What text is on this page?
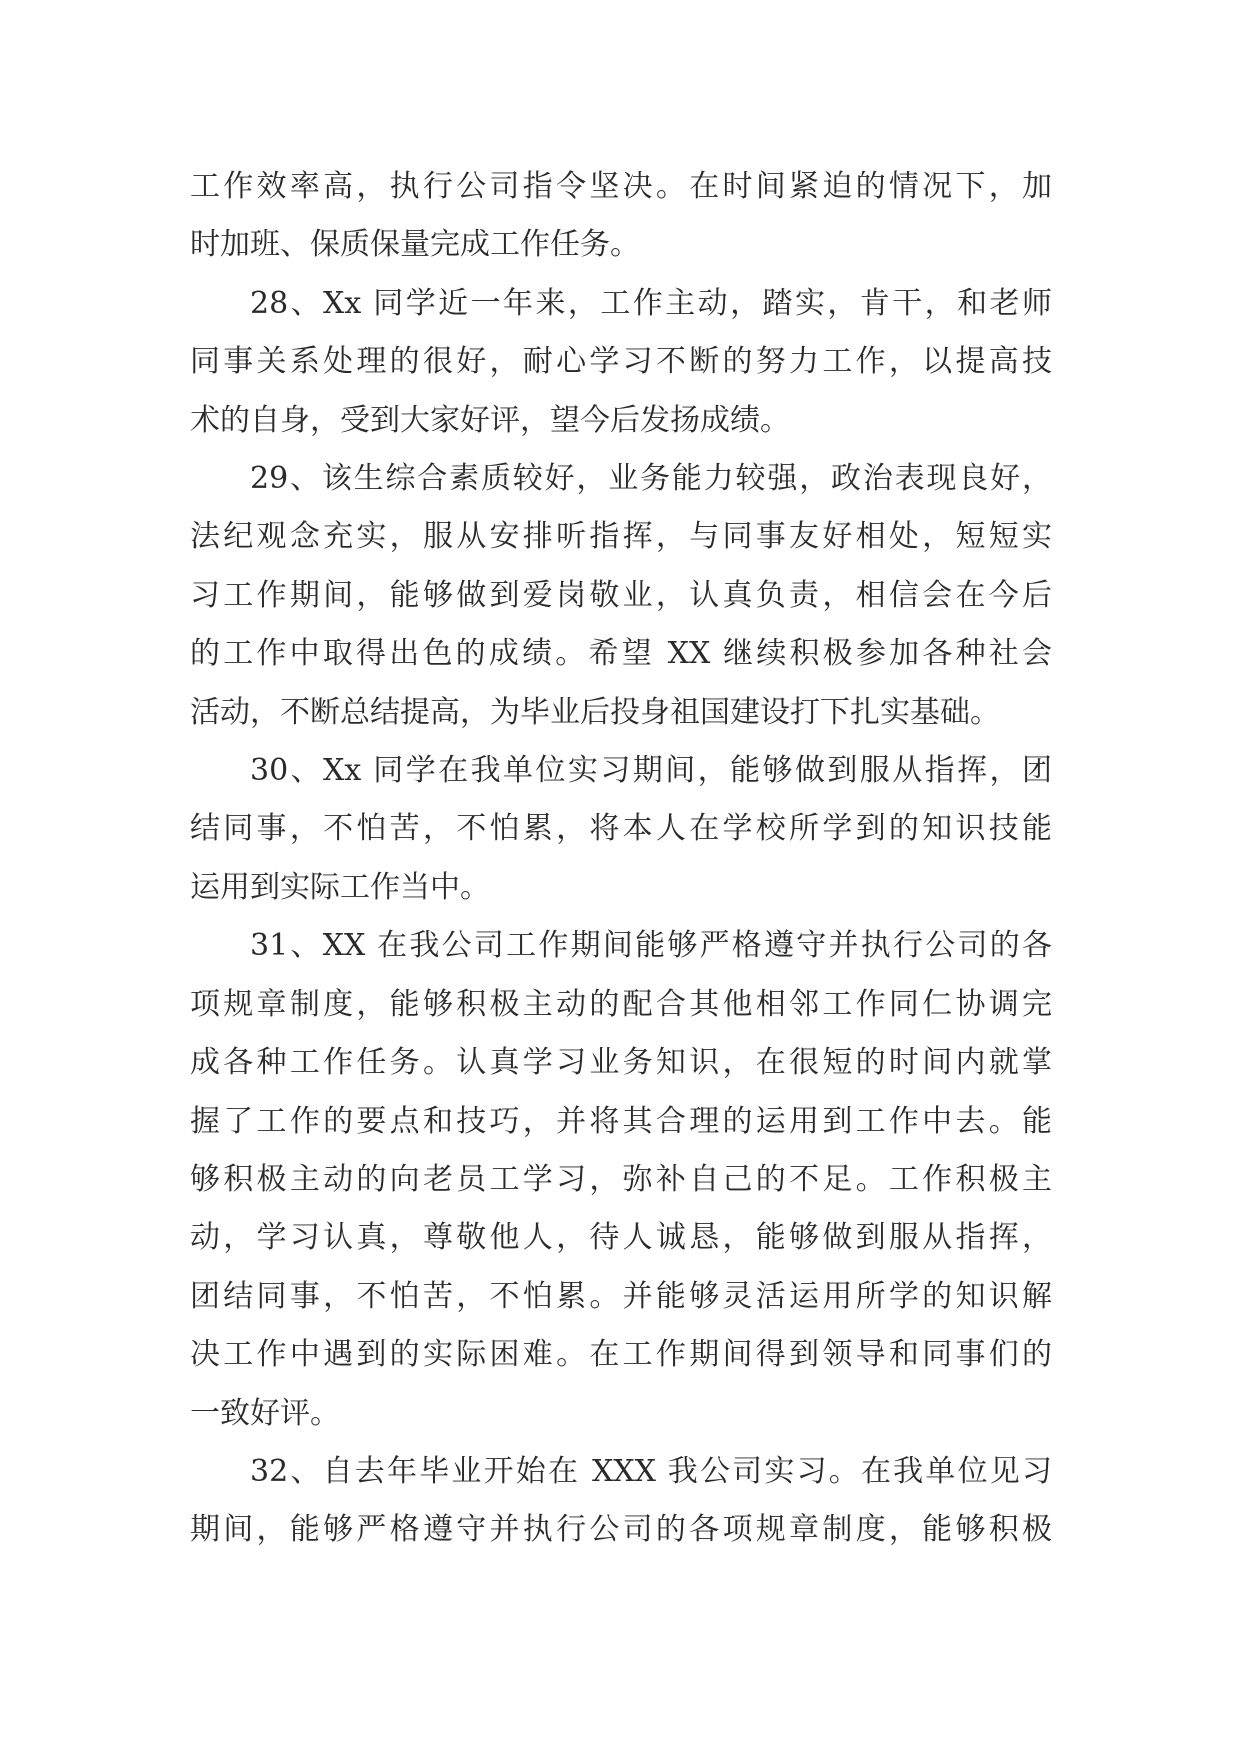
工作效率高，执行公司指令坚决。在时间紧迫的情况下，加
时加班、保质保量完成工作任务。

28、Xx 同学近一年来，工作主动，踏实，肯干，和老师
同事关系处理的很好，耐心学习不断的努力工作，以提高技
术的自身，受到大家好评，望今后发扬成绩。

29、该生综合素质较好，业务能力较强，政治表现良好，
法纪观念充实，服从安排听指挥，与同事友好相处，短短实
习工作期间，能够做到爱岗敬业，认真负责，相信会在今后
的工作中取得出色的成绩。希望 XX 继续积极参加各种社会
活动，不断总结提高，为毕业后投身祖国建设打下扎实基础。

30、Xx 同学在我单位实习期间，能够做到服从指挥，团
结同事，不怕苦，不怕累，将本人在学校所学到的知识技能
运用到实际工作当中。

31、XX 在我公司工作期间能够严格遵守并执行公司的各
项规章制度，能够积极主动的配合其他相邻工作同仁协调完
成各种工作任务。认真学习业务知识，在很短的时间内就掌
握了工作的要点和技巧，并将其合理的运用到工作中去。能
够积极主动的向老员工学习，弥补自己的不足。工作积极主
动，学习认真，尊敬他人，待人诚恳，能够做到服从指挥，
团结同事，不怕苦，不怕累。并能够灵活运用所学的知识解
决工作中遇到的实际困难。在工作期间得到领导和同事们的
一致好评。

32、自去年毕业开始在 XXX 我公司实习。在我单位见习
期间，能够严格遵守并执行公司的各项规章制度，能够积极
